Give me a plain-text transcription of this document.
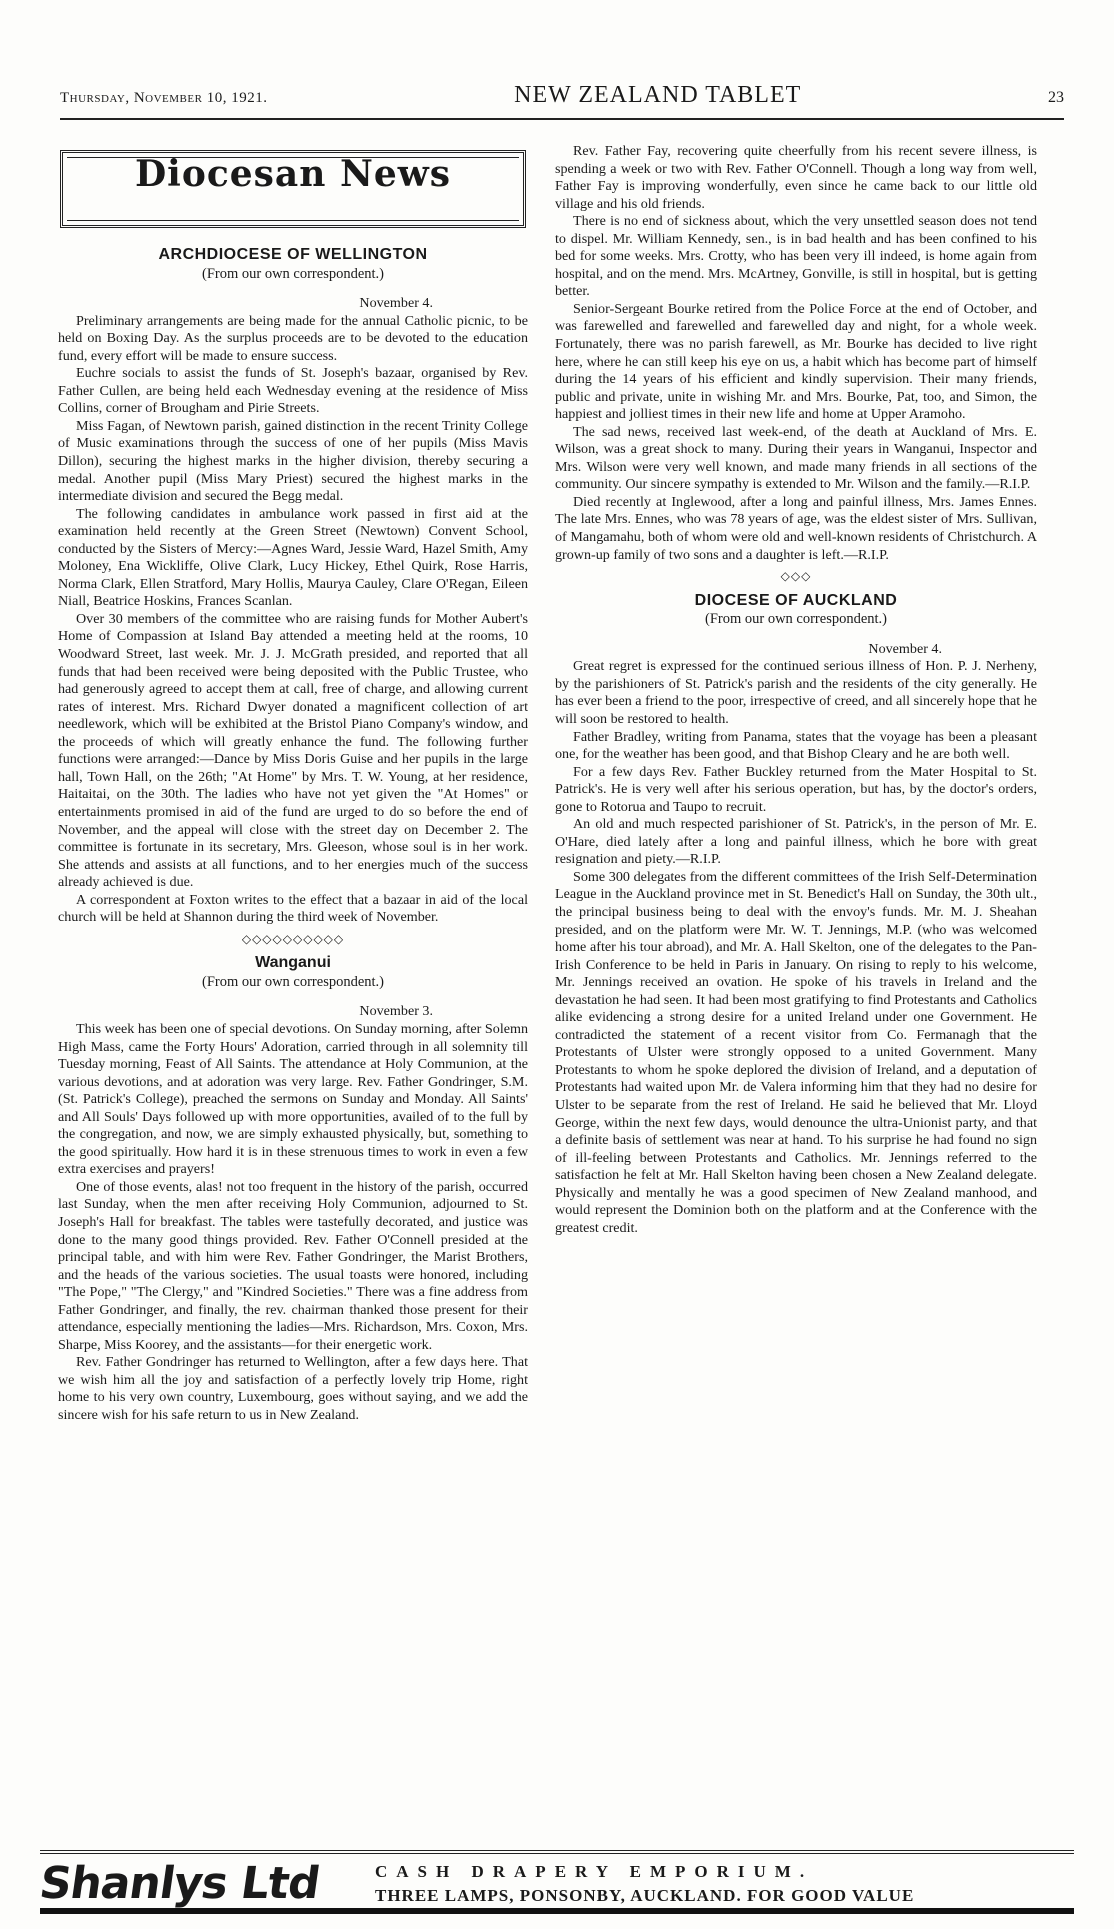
Thursday, November 10, 1921.	NEW ZEALAND TABLET	23
Diocesan News
ARCHDIOCESE OF WELLINGTON
(From our own correspondent.)

November 4.

Preliminary arrangements are being made for the annual Catholic picnic, to be held on Boxing Day. As the surplus proceeds are to be devoted to the education fund, every effort will be made to ensure success.

Euchre socials to assist the funds of St. Joseph's bazaar, organised by Rev. Father Cullen, are being held each Wednesday evening at the residence of Miss Collins, corner of Brougham and Pirie Streets.

Miss Fagan, of Newtown parish, gained distinction in the recent Trinity College of Music examinations through the success of one of her pupils (Miss Mavis Dillon), securing the highest marks in the higher division, thereby securing a medal. Another pupil (Miss Mary Priest) secured the highest marks in the intermediate division and secured the Begg medal.

The following candidates in ambulance work passed in first aid at the examination held recently at the Green Street (Newtown) Convent School, conducted by the Sisters of Mercy:—Agnes Ward, Jessie Ward, Hazel Smith, Amy Moloney, Ena Wickliffe, Olive Clark, Lucy Hickey, Ethel Quirk, Rose Harris, Norma Clark, Ellen Stratford, Mary Hollis, Maurya Cauley, Clare O'Regan, Eileen Niall, Beatrice Hoskins, Frances Scanlan.

Over 30 members of the committee who are raising funds for Mother Aubert's Home of Compassion at Island Bay attended a meeting held at the rooms, 10 Woodward Street, last week. Mr. J. J. McGrath presided, and reported that all funds that had been received were being deposited with the Public Trustee, who had generously agreed to accept them at call, free of charge, and allowing current rates of interest. Mrs. Richard Dwyer donated a magnificent collection of art needlework, which will be exhibited at the Bristol Piano Company's window, and the proceeds of which will greatly enhance the fund. The following further functions were arranged:—Dance by Miss Doris Guise and her pupils in the large hall, Town Hall, on the 26th; "At Home" by Mrs. T. W. Young, at her residence, Haitaitai, on the 30th. The ladies who have not yet given the "At Homes" or entertainments promised in aid of the fund are urged to do so before the end of November, and the appeal will close with the street day on December 2. The committee is fortunate in its secretary, Mrs. Gleeson, whose soul is in her work. She attends and assists at all functions, and to her energies much of the success already achieved is due.

A correspondent at Foxton writes to the effect that a bazaar in aid of the local church will be held at Shannon during the third week of November.

◇◇◇◇◇◇◇◇◇◇
Wanganui
(From our own correspondent.)

November 3.

This week has been one of special devotions. On Sunday morning, after Solemn High Mass, came the Forty Hours' Adoration, carried through in all solemnity till Tuesday morning, Feast of All Saints. The attendance at Holy Communion, at the various devotions, and at adoration was very large. Rev. Father Gondringer, S.M. (St. Patrick's College), preached the sermons on Sunday and Monday. All Saints' and All Souls' Days followed up with more opportunities, availed of to the full by the congregation, and now, we are simply exhausted physically, but, something to the good spiritually. How hard it is in these strenuous times to work in even a few extra exercises and prayers!

One of those events, alas! not too frequent in the history of the parish, occurred last Sunday, when the men after receiving Holy Communion, adjourned to St. Joseph's Hall for breakfast. The tables were tastefully decorated, and justice was done to the many good things provided. Rev. Father O'Connell presided at the principal table, and with him were Rev. Father Gondringer, the Marist Brothers, and the heads of the various societies. The usual toasts were honored, including "The Pope," "The Clergy," and "Kindred Societies." There was a fine address from Father Gondringer, and finally, the rev. chairman thanked those present for their attendance, especially mentioning the ladies—Mrs. Richardson, Mrs. Coxon, Mrs. Sharpe, Miss Koorey, and the assistants—for their energetic work.

Rev. Father Gondringer has returned to Wellington, after a few days here. That we wish him all the joy and satisfaction of a perfectly lovely trip Home, right home to his very own country, Luxembourg, goes without saying, and we add the sincere wish for his safe return to us in New Zealand.

Rev. Father Fay, recovering quite cheerfully from his recent severe illness, is spending a week or two with Rev. Father O'Connell. Though a long way from well, Father Fay is improving wonderfully, even since he came back to our little old village and his old friends.

There is no end of sickness about, which the very unsettled season does not tend to dispel. Mr. William Kennedy, sen., is in bad health and has been confined to his bed for some weeks. Mrs. Crotty, who has been very ill indeed, is home again from hospital, and on the mend. Mrs. McArtney, Gonville, is still in hospital, but is getting better.

Senior-Sergeant Bourke retired from the Police Force at the end of October, and was farewelled and farewelled and farewelled day and night, for a whole week. Fortunately, there was no parish farewell, as Mr. Bourke has decided to live right here, where he can still keep his eye on us, a habit which has become part of himself during the 14 years of his efficient and kindly supervision. Their many friends, public and private, unite in wishing Mr. and Mrs. Bourke, Pat, too, and Simon, the happiest and jolliest times in their new life and home at Upper Aramoho.

The sad news, received last week-end, of the death at Auckland of Mrs. E. Wilson, was a great shock to many. During their years in Wanganui, Inspector and Mrs. Wilson were very well known, and made many friends in all sections of the community. Our sincere sympathy is extended to Mr. Wilson and the family.—R.I.P.

Died recently at Inglewood, after a long and painful illness, Mrs. James Ennes. The late Mrs. Ennes, who was 78 years of age, was the eldest sister of Mrs. Sullivan, of Mangamahu, both of whom were old and well-known residents of Christchurch. A grown-up family of two sons and a daughter is left.—R.I.P.

◇◇◇
DIOCESE OF AUCKLAND
(From our own correspondent.)

November 4.

Great regret is expressed for the continued serious illness of Hon. P. J. Nerheny, by the parishioners of St. Patrick's parish and the residents of the city generally. He has ever been a friend to the poor, irrespective of creed, and all sincerely hope that he will soon be restored to health.

Father Bradley, writing from Panama, states that the voyage has been a pleasant one, for the weather has been good, and that Bishop Cleary and he are both well.

For a few days Rev. Father Buckley returned from the Mater Hospital to St. Patrick's. He is very well after his serious operation, but has, by the doctor's orders, gone to Rotorua and Taupo to recruit.

An old and much respected parishioner of St. Patrick's, in the person of Mr. E. O'Hare, died lately after a long and painful illness, which he bore with great resignation and piety.—R.I.P.

Some 300 delegates from the different committees of the Irish Self-Determination League in the Auckland province met in St. Benedict's Hall on Sunday, the 30th ult., the principal business being to deal with the envoy's funds. Mr. M. J. Sheahan presided, and on the platform were Mr. W. T. Jennings, M.P. (who was welcomed home after his tour abroad), and Mr. A. Hall Skelton, one of the delegates to the Pan-Irish Conference to be held in Paris in January. On rising to reply to his welcome, Mr. Jennings received an ovation. He spoke of his travels in Ireland and the devastation he had seen. It had been most gratifying to find Protestants and Catholics alike evidencing a strong desire for a united Ireland under one Government. He contradicted the statement of a recent visitor from Co. Fermanagh that the Protestants of Ulster were strongly opposed to a united Government. Many Protestants to whom he spoke deplored the division of Ireland, and a deputation of Protestants had waited upon Mr. de Valera informing him that they had no desire for Ulster to be separate from the rest of Ireland. He said he believed that Mr. Lloyd George, within the next few days, would denounce the ultra-Unionist party, and that a definite basis of settlement was near at hand. To his surprise he had found no sign of ill-feeling between Protestants and Catholics. Mr. Jennings referred to the satisfaction he felt at Mr. Hall Skelton having been chosen a New Zealand delegate. Physically and mentally he was a good specimen of New Zealand manhood, and would represent the Dominion both on the platform and at the Conference with the greatest credit.

Shanlys Ltd	CASH DRAPERY EMPORIUM.
THREE LAMPS, PONSONBY, AUCKLAND. FOR GOOD VALUE
